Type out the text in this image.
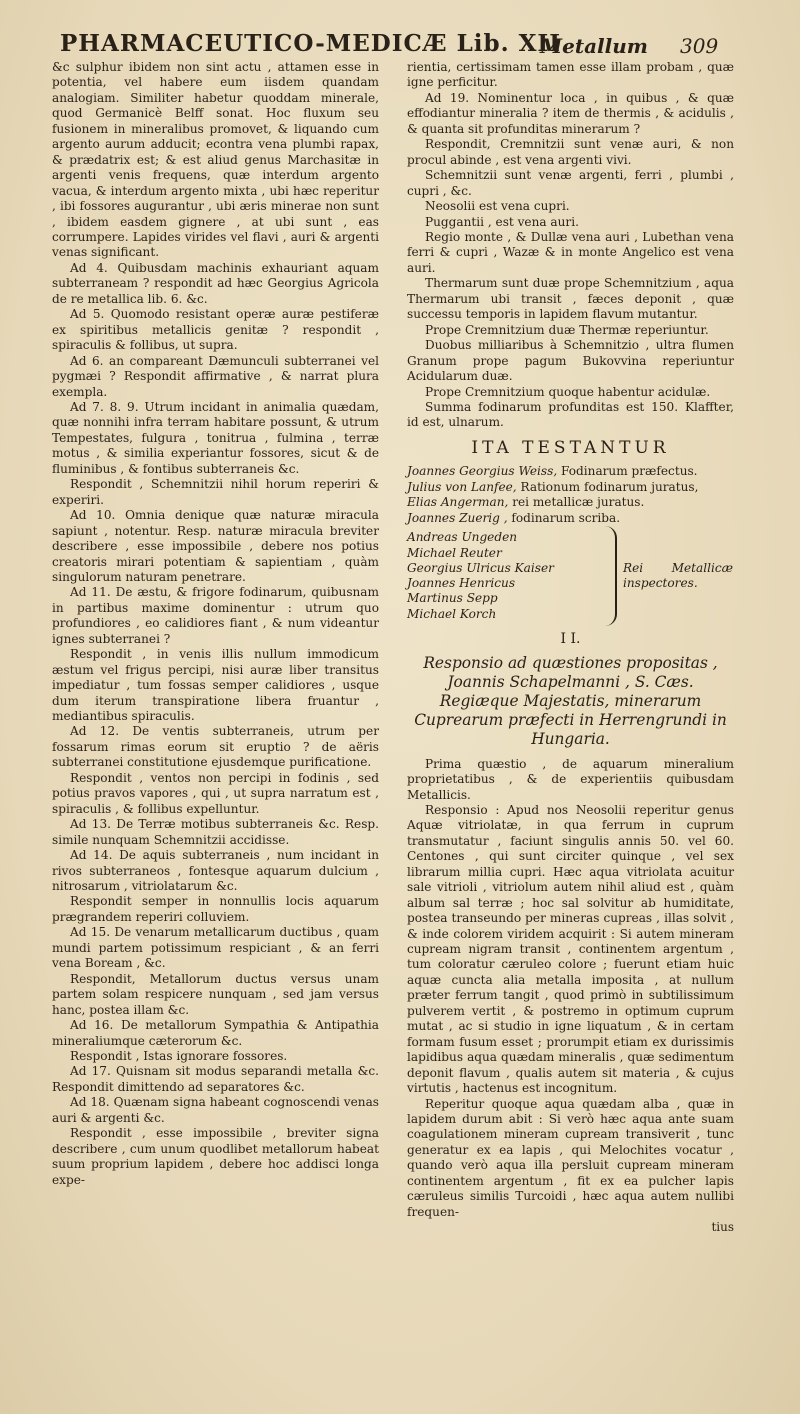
PHARMACEUTICO-MEDICÆ Lib. XII.
Metallum 309

&c sulphur ibidem non sint actu , attamen esse in potentia, vel habere eum iisdem quandam analogiam. Similiter habetur quoddam minerale, quod Germanicè Belff sonat. Hoc fluxum seu fusionem in mineralibus promovet, & liquando cum argento aurum adducit; econtra vena plumbi rapax, & prædatrix est; & est aliud genus Marchasitæ in argenti venis frequens, quæ interdum argento vacua, & interdum argento mixta , ubi hæc reperitur , ibi fossores augurantur , ubi æris minerae non sunt , ibidem easdem gignere , at ubi sunt , eas corrumpere. Lapides virides vel flavi , auri & argenti venas significant.

Ad 4. Quibusdam machinis exhauriant aquam subterraneam ? respondit ad hæc Georgius Agricola de re metallica lib. 6. &c.

Ad 5. Quomodo resistant operæ auræ pestiferæ ex spiritibus metallicis genitæ ? respondit , spiraculis & follibus, ut supra.

Ad 6. an compareant Dæmunculi subterranei vel pygmæi ? Respondit affirmative , & narrat plura exempla.

Ad 7. 8. 9. Utrum incidant in animalia quædam, quæ nonnihi infra terram habitare possunt, & utrum Tempestates, fulgura , tonitrua , fulmina , terræ motus , & similia experiantur fossores, sicut & de fluminibus , & fontibus subterraneis &c.

Respondit , Schemnitzii nihil horum reperiri & experiri.

Ad 10. Omnia denique quæ naturæ miracula sapiunt , notentur. Resp. naturæ miracula breviter describere , esse impossibile , debere nos potius creatoris mirari potentiam & sapientiam , quàm singulorum naturam penetrare.

Ad 11. De æstu, & frigore fodinarum, quibusnam in partibus maxime dominentur : utrum quo profundiores , eo calidiores fiant , & num videantur ignes subterranei ?

Respondit , in venis illis nullum immodicum æstum vel frigus percipi, nisi auræ liber transitus impediatur , tum fossas semper calidiores , usque dum iterum transpiratione libera fruantur , mediantibus spiraculis.

Ad 12. De ventis subterraneis, utrum per fossarum rimas eorum sit eruptio ? de aëris subterranei constitutione ejusdemque purificatione.

Respondit , ventos non percipi in fodinis , sed potius pravos vapores , qui , ut supra narratum est , spiraculis , & follibus expelluntur.

Ad 13. De Terræ motibus subterraneis &c. Resp. simile nunquam Schemnitzii accidisse.

Ad 14. De aquis subterraneis , num incidant in rivos subterraneos , fontesque aquarum dulcium , nitrosarum , vitriolatarum &c.

Respondit semper in nonnullis locis aquarum prægrandem reperiri colluviem.

Ad 15. De venarum metallicarum ductibus , quam mundi partem potissimum respiciant , & an ferri vena Boream , &c.

Respondit, Metallorum ductus versus unam partem solam respicere nunquam , sed jam versus hanc, postea illam &c.

Ad 16. De metallorum Sympathia & Antipathia mineraliumque cæterorum &c.

Respondit , Istas ignorare fossores.

Ad 17. Quisnam sit modus separandi metalla &c. Respondit dimittendo ad separatores &c.

Ad 18. Quænam signa habeant cognoscendi venas auri & argenti &c.

Respondit , esse impossibile , breviter signa describere , cum unum quodlibet metallorum habeat suum proprium lapidem , debere hoc addisci longa expe-

rientia, certissimam tamen esse illam probam , quæ igne perficitur.

Ad 19. Nominentur loca , in quibus , & quæ effodiantur mineralia ? item de thermis , & acidulis , & quanta sit profunditas minerarum ?

Respondit, Cremnitzii sunt venæ auri, & non procul abinde , est vena argenti vivi.

Schemnitzii sunt venæ argenti, ferri , plumbi , cupri , &c.

Neosolii est vena cupri.

Puggantii , est vena auri.

Regio monte , & Dullæ vena auri , Lubethan vena ferri & cupri , Wazæ & in monte Angelico est vena auri.

Thermarum sunt duæ prope Schemnitzium , aqua Thermarum ubi transit , fæces deponit , quæ successu temporis in lapidem flavum mutantur.

Prope Cremnitzium duæ Thermæ reperiuntur.

Duobus milliaribus à Schemnitzio , ultra flumen Granum prope pagum Bukovvina reperiuntur Acidularum duæ.

Prope Cremnitzium quoque habentur acidulæ.

Summa fodinarum profunditas est 150. Klaffter, id est, ulnarum.

ITA TESTANTUR

Joannes Georgius Weiss, Fodinarum præfectus.

Julius von Lanfee, Rationum fodinarum juratus,

Elias Angerman, rei metallicæ juratus.

Joannes Zuerig , fodinarum scriba.

Andreas Ungeden
Michael Reuter
Georgius Ulricus Kaiser
Joannes Henricus
Martinus Sepp
Michael Korch
Rei Metallicæ inspectores.

I I.

Responsio ad quæstiones propositas , Joannis Schapelmanni , S. Cæs. Regiæque Majestatis, minerarum Cuprearum præfecti in Herrengrundi in Hungaria.

Prima quæstio , de aquarum mineralium proprietatibus , & de experientiis quibusdam Metallicis.

Responsio : Apud nos Neosolii reperitur genus Aquæ vitriolatæ, in qua ferrum in cuprum transmutatur , faciunt singulis annis 50. vel 60. Centones , qui sunt circiter quinque , vel sex librarum millia cupri. Hæc aqua vitriolata acuitur sale vitrioli , vitriolum autem nihil aliud est , quàm album sal terræ ; hoc sal solvitur ab humiditate, postea transeundo per mineras cupreas , illas solvit , & inde colorem viridem acquirit : Si autem mineram cupream nigram transit , continentem argentum , tum coloratur cæruleo colore ; fuerunt etiam huic aquæ cuncta alia metalla imposita , at nullum præter ferrum tangit , quod primò in subtilissimum pulverem vertit , & postremo in optimum cuprum mutat , ac si studio in igne liquatum , & in certam formam fusum esset ; prorumpit etiam ex durissimis lapidibus aqua quædam mineralis , quæ sedimentum deponit flavum , qualis autem sit materia , & cujus virtutis , hactenus est incognitum.

Reperitur quoque aqua quædam alba , quæ in lapidem durum abit : Si verò hæc aqua ante suam coagulationem mineram cupream transiverit , tunc generatur ex ea lapis , qui Melochites vocatur , quando verò aqua illa persluit cupream mineram continentem argentum , fit ex ea pulcher lapis cæruleus similis Turcoidi , hæc aqua autem nullibi frequen-

tius
